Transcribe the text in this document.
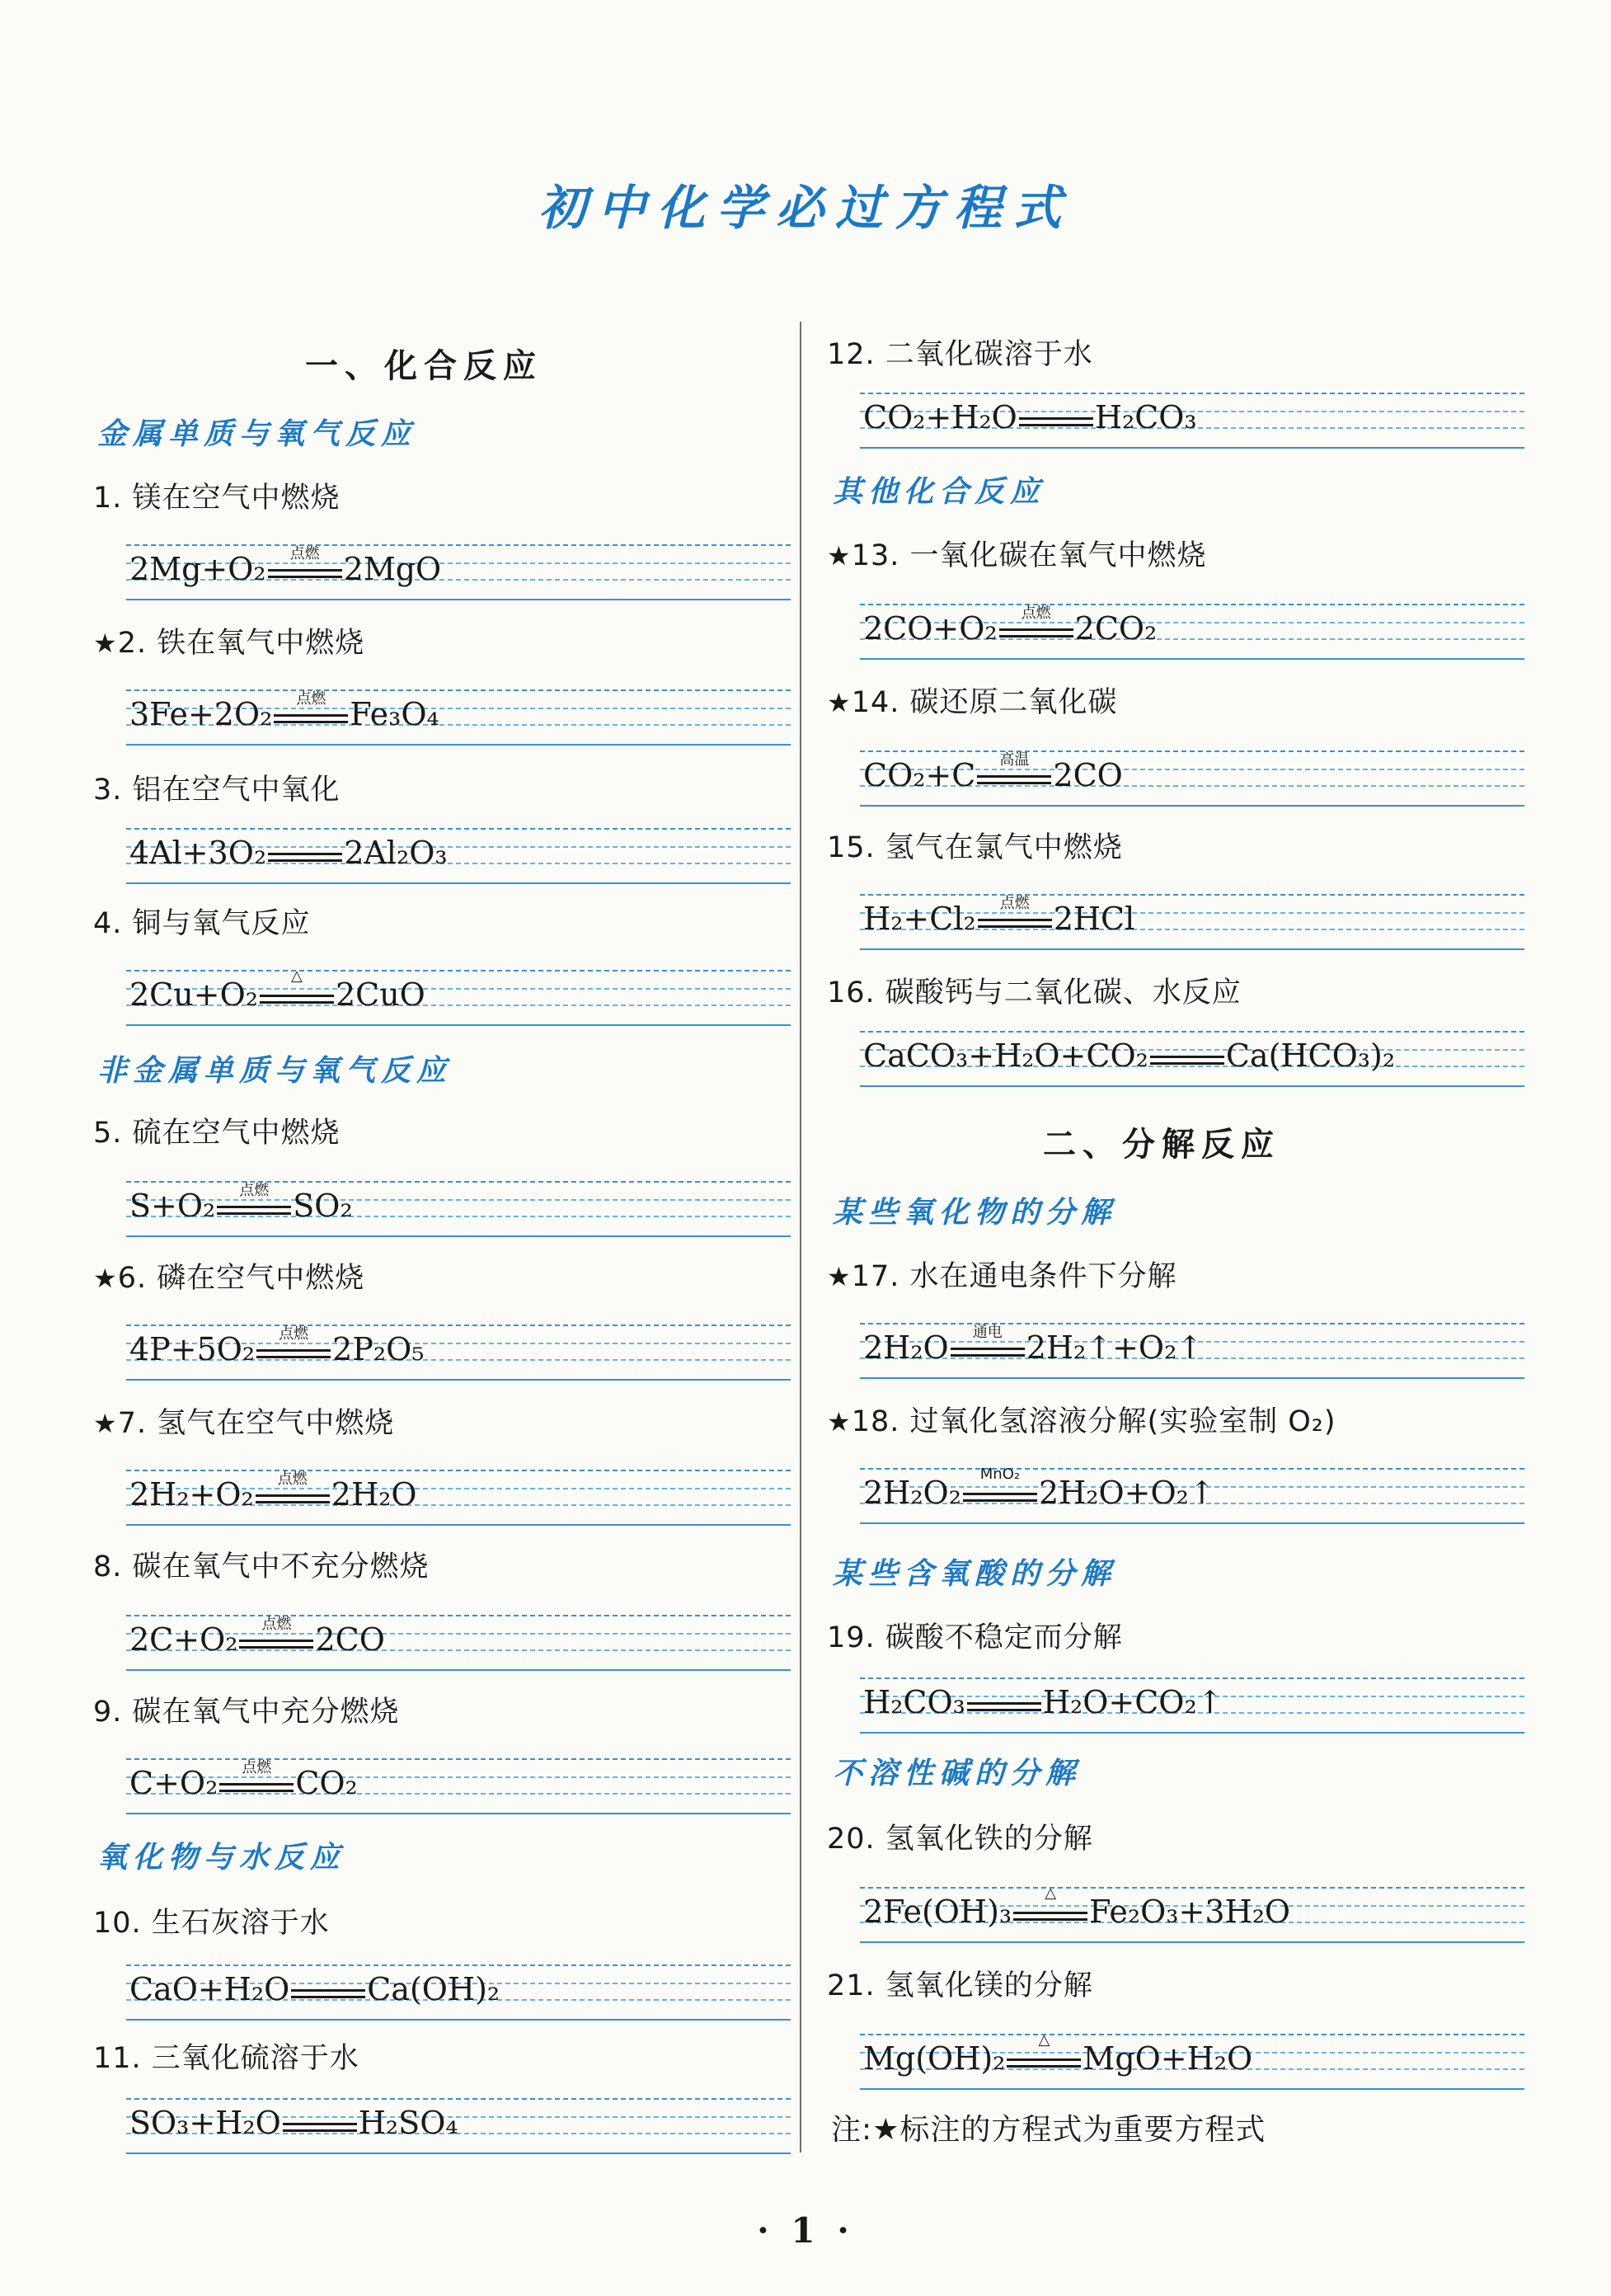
初中化学必过方程式
一、化合反应
金属单质与氧气反应
1. 镁在空气中燃烧
2Mg+O₂	点燃 2MgO
★2. 铁在氧气中燃烧
3Fe+2O₂	点燃 Fe₃O₄
3. 铝在空气中氧化
4Al+3O₂ 2Al₂O₃
4. 铜与氧气反应
2Cu+O₂
△
2CuO
非金属单质与氧气反应
5. 硫在空气中燃烧
S+O₂	点燃 SO₂
★6. 磷在空气中燃烧
4P+5O₂	点燃 2P₂O₅
★7. 氢气在空气中燃烧
2H₂+O₂	点燃 2H₂O
8. 碳在氧气中不充分燃烧
2C+O₂	点燃 2CO
9. 碳在氧气中充分燃烧
C+O₂	点燃 CO₂
氧化物与水反应
10. 生石灰溶于水
CaO+H₂O Ca(OH)₂
11. 三氧化硫溶于水
SO₃+H₂O H₂SO₄
12. 二氧化碳溶于水
CO₂+H₂O H₂CO₃
其他化合反应
★13. 一氧化碳在氧气中燃烧
2CO+O₂	点燃 2CO₂
★14. 碳还原二氧化碳
CO₂+C	高温 2CO
15. 氢气在氯气中燃烧
H₂+Cl₂	点燃 2HCl
16. 碳酸钙与二氧化碳、水反应
CaCO₃+H₂O+CO₂ Ca(HCO₃)₂
二、分解反应
某些氧化物的分解
★17. 水在通电条件下分解
2H₂O	通电 2H₂↑+O₂↑
★18. 过氧化氢溶液分解(实验室制 O₂)
2H₂O₂
MnO₂
2H₂O+O₂↑
某些含氧酸的分解
19. 碳酸不稳定而分解
H₂CO₃ H₂O+CO₂↑
不溶性碱的分解
20. 氢氧化铁的分解
2Fe(OH)₃
△
Fe₂O₃+3H₂O
21. 氢氧化镁的分解
Mg(OH)₂
△
MgO+H₂O
注:★标注的方程式为重要方程式
· 1 ·
